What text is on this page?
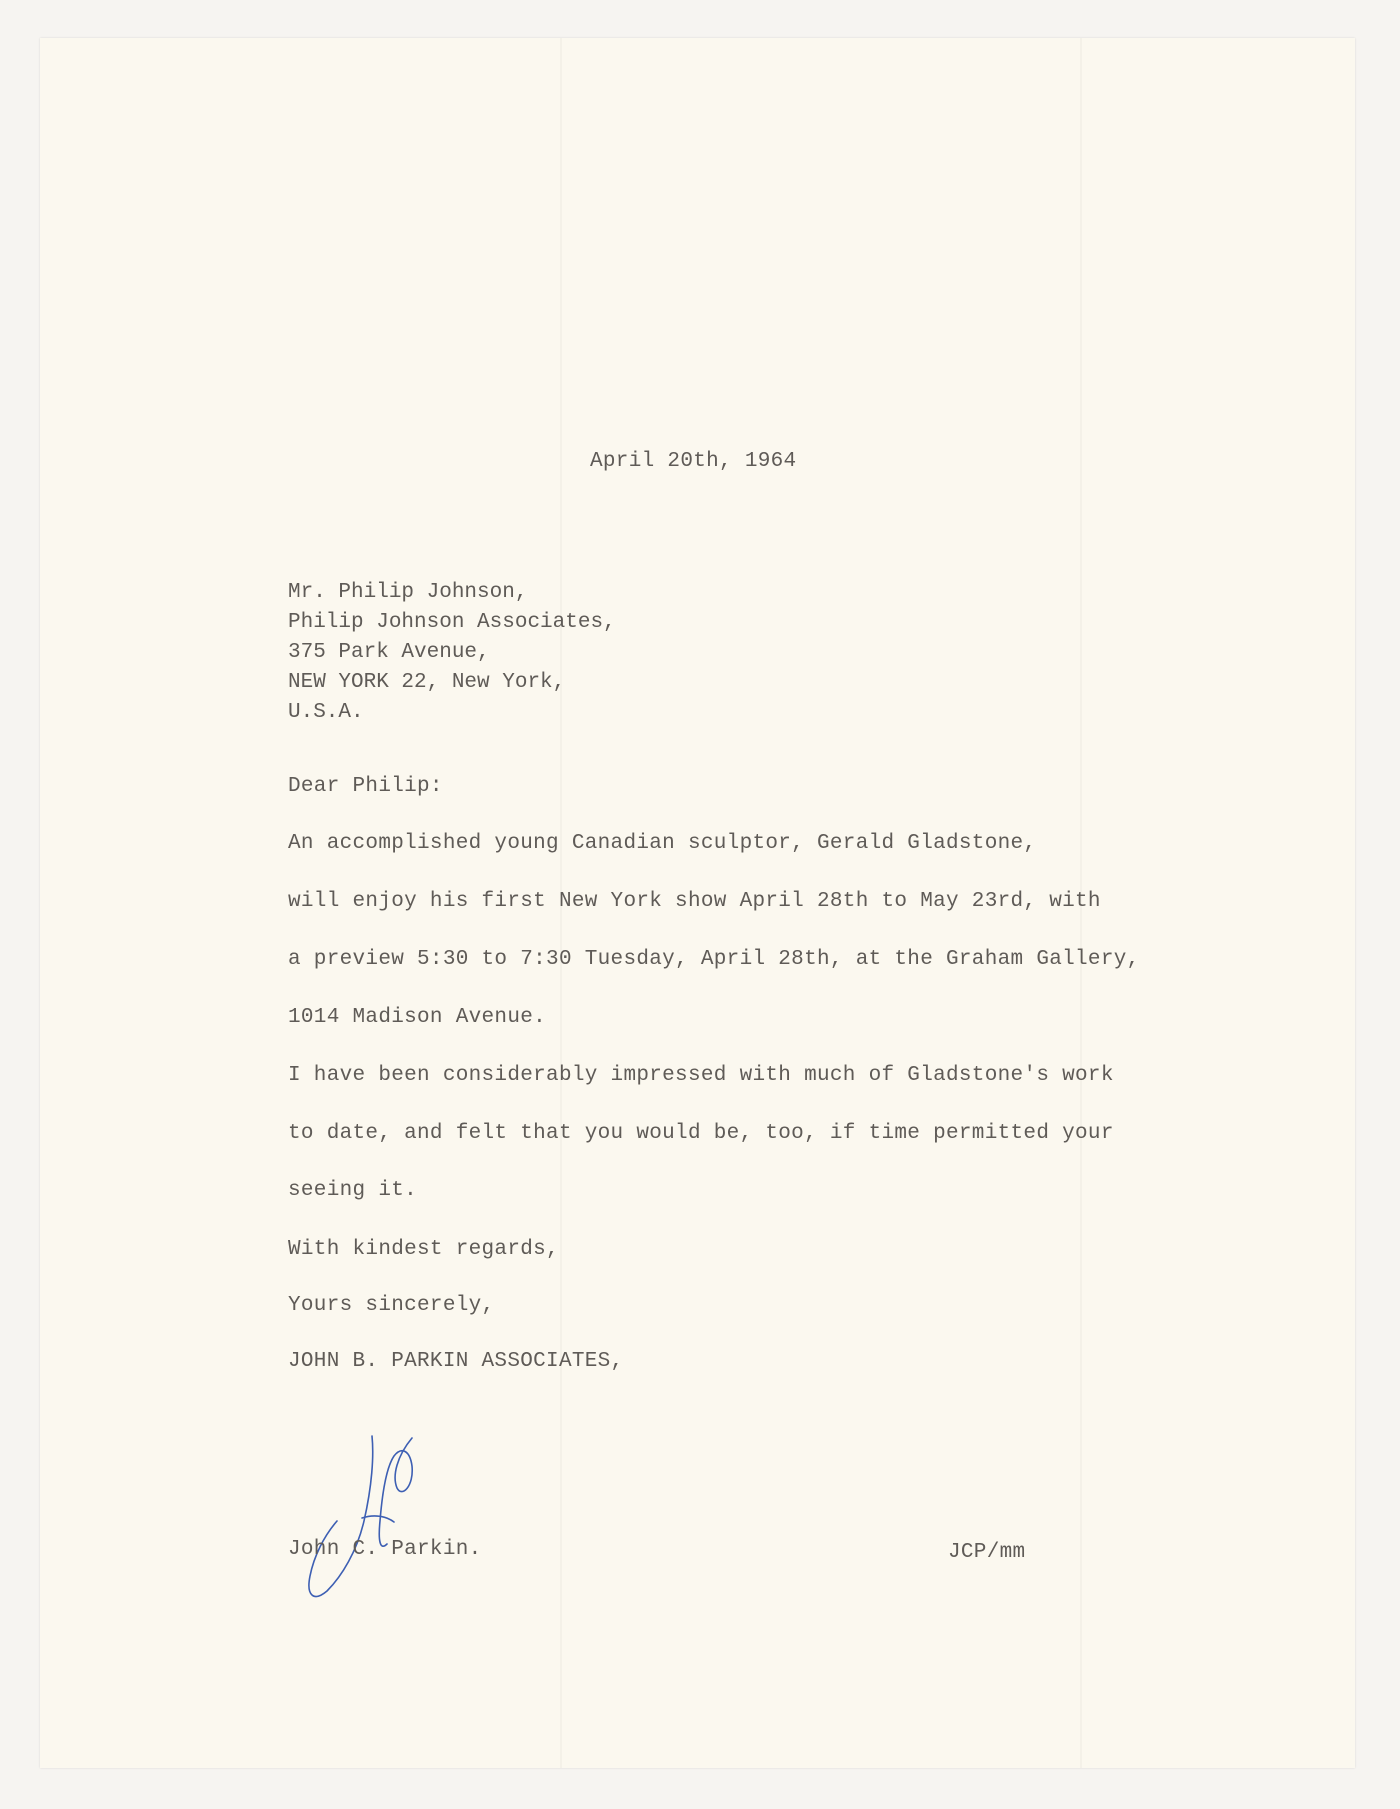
April 20th, 1964

Mr. Philip Johnson,
Philip Johnson Associates,
375 Park Avenue,
NEW YORK 22, New York,
U.S.A.

Dear Philip:

An accomplished young Canadian sculptor, Gerald Gladstone,

will enjoy his first New York show April 28th to May 23rd, with

a preview 5:30 to 7:30 Tuesday, April 28th, at the Graham Gallery,

1014 Madison Avenue.

I have been considerably impressed with much of Gladstone's work

to date, and felt that you would be, too, if time permitted your

seeing it.

With kindest regards,

Yours sincerely,

JOHN B. PARKIN ASSOCIATES,

John C. Parkin.	JCP/mm
